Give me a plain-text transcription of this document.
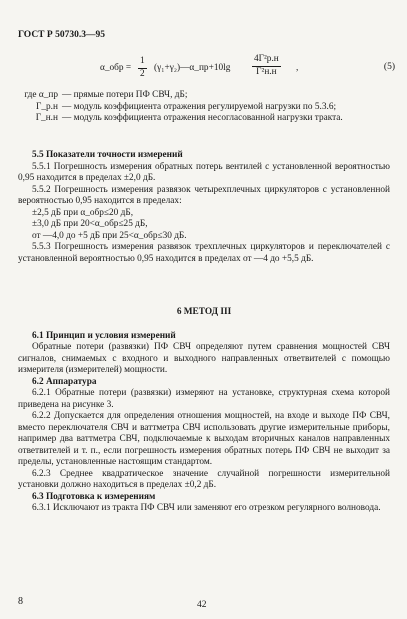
ГОСТ Р 50730.3—95
α_обр = $\frac{1}{2}$ (γ₁+γ₂)—α_пр+10lg $\frac{\text{4Г²р.н}}{\text{Г²н.н}}$ ,	(5)
где α_пр — прямые потери ПФ СВЧ, дБ;
Г_р.н — модуль коэффициента отражения регулируемой нагрузки по 5.3.6;
Г_н.н — модуль коэффициента отражения несогласованной нагрузки тракта.

5.5 Показатели точности измерений

5.5.1 Погрешность измерения обратных потерь вентилей с установленной вероятностью 0,95 находится в пределах ±2,0 дБ.

5.5.2 Погрешность измерения развязок четырехплечных циркуляторов с установленной вероятностью 0,95 находится в пределах:

±2,5 дБ при α_обр≤20 дБ,

±3,0 дБ при 20<α_обр≤25 дБ,

от —4,0 до +5 дБ при 25<α_обр≤30 дБ.

5.5.3 Погрешность измерения развязок трехплечных циркуляторов и переключателей с установленной вероятностью 0,95 находится в пределах от —4 до +5,5 дБ.

6 МЕТОД III

6.1 Принцип и условия измерений

Обратные потери (развязки) ПФ СВЧ определяют путем сравнения мощностей СВЧ сигналов, снимаемых с входного и выходного направленных ответвителей с помощью измерителя (измерителей) мощности.

6.2 Аппаратура

6.2.1 Обратные потери (развязки) измеряют на установке, структурная схема которой приведена на рисунке 3.

6.2.2 Допускается для определения отношения мощностей, на входе и выходе ПФ СВЧ, вместо переключателя СВЧ и ваттметра СВЧ использовать другие измерительные приборы, например два ваттметра СВЧ, подключаемые к выходам вторичных каналов направленных ответвителей и т. п., если погрешность измерения обратных потерь ПФ СВЧ не выходит за пределы, установленные настоящим стандартом.

6.2.3 Среднее квадратическое значение случайной погрешности измерительной установки должно находиться в пределах ±0,2 дБ.

6.3 Подготовка к измерениям

6.3.1 Исключают из тракта ПФ СВЧ или заменяют его отрезком регулярного волновода.

8	42
